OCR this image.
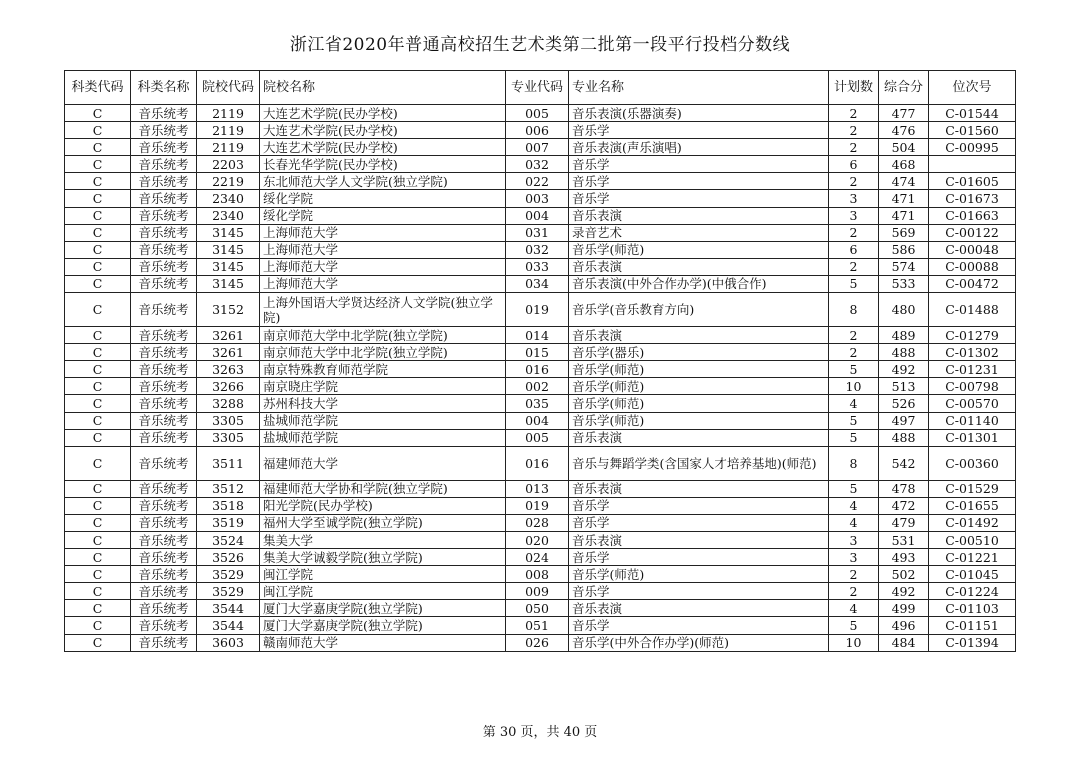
浙江省2020年普通高校招生艺术类第二批第一段平行投档分数线
科类代码	科类名称	院校代码	院校名称	专业代码	专业名称	计划数	综合分	位次号
C	音乐统考	2119	大连艺术学院(民办学校)	005	音乐表演(乐器演奏)	2	477	C-01544
C	音乐统考	2119	大连艺术学院(民办学校)	006	音乐学	2	476	C-01560
C	音乐统考	2119	大连艺术学院(民办学校)	007	音乐表演(声乐演唱)	2	504	C-00995
C	音乐统考	2203	长春光华学院(民办学校)	032	音乐学	6	468	
C	音乐统考	2219	东北师范大学人文学院(独立学院)	022	音乐学	2	474	C-01605
C	音乐统考	2340	绥化学院	003	音乐学	3	471	C-01673
C	音乐统考	2340	绥化学院	004	音乐表演	3	471	C-01663
C	音乐统考	3145	上海师范大学	031	录音艺术	2	569	C-00122
C	音乐统考	3145	上海师范大学	032	音乐学(师范)	6	586	C-00048
C	音乐统考	3145	上海师范大学	033	音乐表演	2	574	C-00088
C	音乐统考	3145	上海师范大学	034	音乐表演(中外合作办学)(中俄合作)	5	533	C-00472
C	音乐统考	3152	上海外国语大学贤达经济人文学院(独立学院)	019	音乐学(音乐教育方向)	8	480	C-01488
C	音乐统考	3261	南京师范大学中北学院(独立学院)	014	音乐表演	2	489	C-01279
C	音乐统考	3261	南京师范大学中北学院(独立学院)	015	音乐学(器乐)	2	488	C-01302
C	音乐统考	3263	南京特殊教育师范学院	016	音乐学(师范)	5	492	C-01231
C	音乐统考	3266	南京晓庄学院	002	音乐学(师范)	10	513	C-00798
C	音乐统考	3288	苏州科技大学	035	音乐学(师范)	4	526	C-00570
C	音乐统考	3305	盐城师范学院	004	音乐学(师范)	5	497	C-01140
C	音乐统考	3305	盐城师范学院	005	音乐表演	5	488	C-01301
C	音乐统考	3511	福建师范大学	016	音乐与舞蹈学类(含国家人才培养基地)(师范)	8	542	C-00360
C	音乐统考	3512	福建师范大学协和学院(独立学院)	013	音乐表演	5	478	C-01529
C	音乐统考	3518	阳光学院(民办学校)	019	音乐学	4	472	C-01655
C	音乐统考	3519	福州大学至诚学院(独立学院)	028	音乐学	4	479	C-01492
C	音乐统考	3524	集美大学	020	音乐表演	3	531	C-00510
C	音乐统考	3526	集美大学诚毅学院(独立学院)	024	音乐学	3	493	C-01221
C	音乐统考	3529	闽江学院	008	音乐学(师范)	2	502	C-01045
C	音乐统考	3529	闽江学院	009	音乐学	2	492	C-01224
C	音乐统考	3544	厦门大学嘉庚学院(独立学院)	050	音乐表演	4	499	C-01103
C	音乐统考	3544	厦门大学嘉庚学院(独立学院)	051	音乐学	5	496	C-01151
C	音乐统考	3603	赣南师范大学	026	音乐学(中外合作办学)(师范)	10	484	C-01394
第 30 页，共 40 页
